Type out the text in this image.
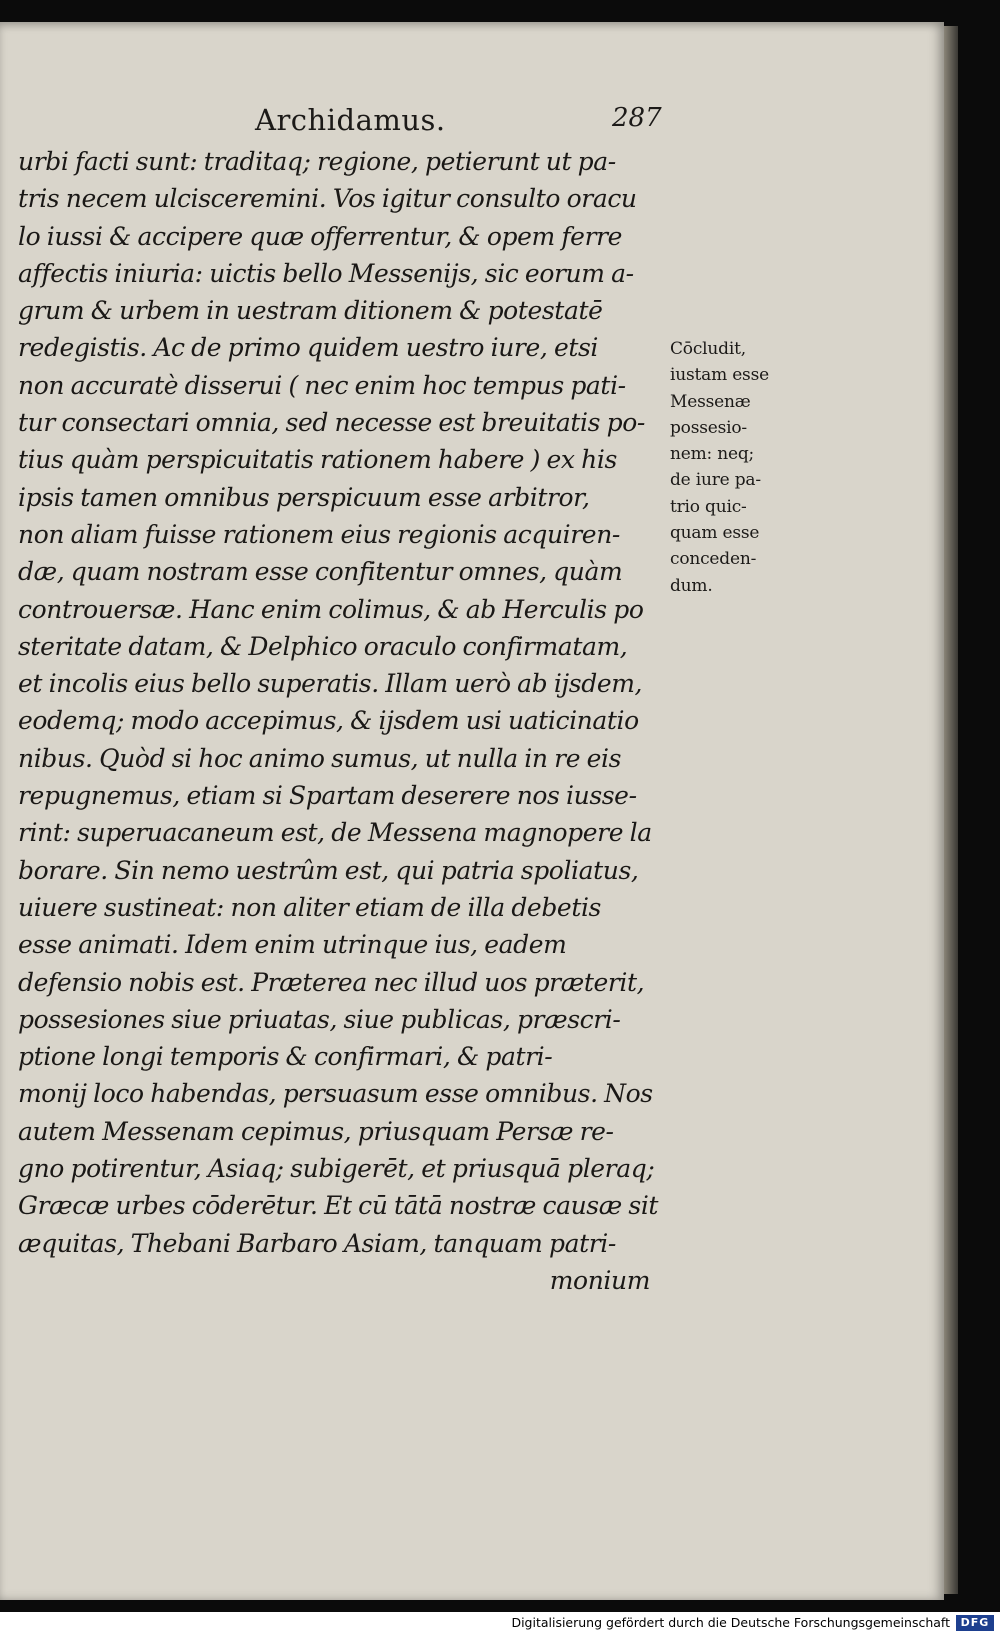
Archidamus.	287
urbi facti sunt: traditaq; regione, petierunt ut pa-
tris necem ulcisceremini. Vos igitur consulto oracu
lo iussi & accipere quæ offerrentur, & opem ferre
affectis iniuria: uictis bello Messenijs, sic eorum a-
grum & urbem in uestram ditionem & potestatē
redegistis. Ac de primo quidem uestro iure, etsi
non accuratè disserui ( nec enim hoc tempus pati-
tur consectari omnia, sed necesse est breuitatis po-
tius quàm perspicuitatis rationem habere ) ex his
ipsis tamen omnibus perspicuum esse arbitror,
non aliam fuisse rationem eius regionis acquiren-
dæ, quam nostram esse confitentur omnes, quàm
controuersæ. Hanc enim colimus, & ab Herculis po
steritate datam, & Delphico oraculo confirmatam,
et incolis eius bello superatis. Illam uerò ab ijsdem,
eodemq; modo accepimus, & ijsdem usi uaticinatio
nibus. Quòd si hoc animo sumus, ut nulla in re eis
repugnemus, etiam si Spartam deserere nos iusse-
rint: superuacaneum est, de Messena magnopere la
borare. Sin nemo uestrûm est, qui patria spoliatus,
uiuere sustineat: non aliter etiam de illa debetis
esse animati. Idem enim utrinque ius, eadem
defensio nobis est. Præterea nec illud uos præterit,
possesiones siue priuatas, siue publicas, præscri-
ptione longi temporis & confirmari, & patri-
monij loco habendas, persuasum esse omnibus. Nos
autem Messenam cepimus, priusquam Persæ re-
gno potirentur, Asiaq; subigerēt, et priusquā pleraq;
Græcæ urbes cōderētur. Et cū tātā nostræ causæ sit
æquitas, Thebani Barbaro Asiam, tanquam patri-
monium
Cōcludit,
iustam esse
Messenæ
possesio-
nem: neq;
de iure pa-
trio quic-
quam esse
conceden-
dum.
Digitalisierung gefördert durch die Deutsche Forschungsgemeinschaft DFG
